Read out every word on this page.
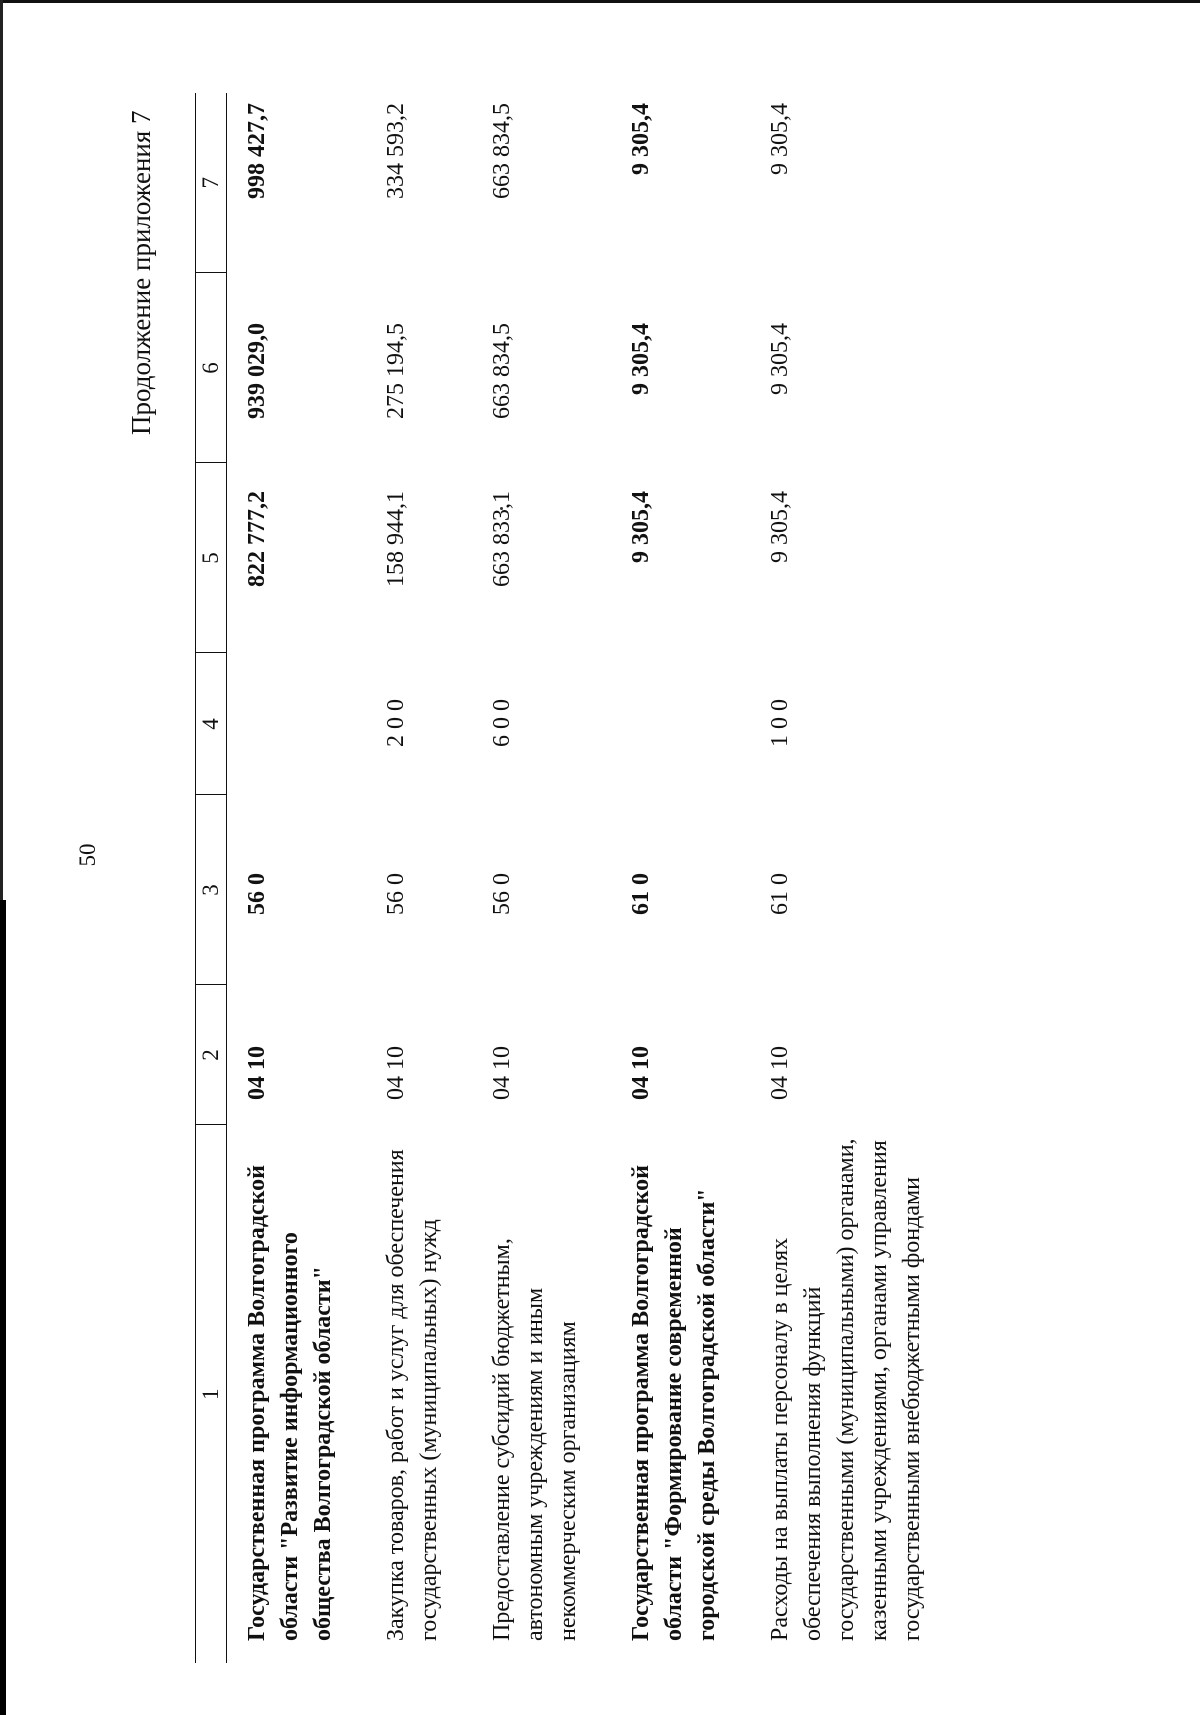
50
Продолжение приложения 7
1	2	3	4	5	6	7

Государственная программа Волгоградской области "Развитие информационного общества Волгоградской области"	04 10	56 0		822 777,2	939 029,0	998 427,7
Закупка товаров, работ и услуг для обеспечения государственных (муниципальных) нужд	04 10	56 0	2 0 0	158 944,1	275 194,5	334 593,2
Предоставление субсидий бюджетным, автономным учреждениям и иным некоммерческим организациям	04 10	56 0	6 0 0	663 833,1	663 834,5	663 834,5
Государственная программа Волгоградской области "Формирование современной городской среды Волгоградской области"	04 10	61 0		9 305,4	9 305,4	9 305,4
Расходы на выплаты персоналу в целях обеспечения выполнения функций государственными (муниципальными) органами, казенными учреждениями, органами управления государственными внебюджетными фондами	04 10	61 0	1 0 0	9 305,4	9 305,4	9 305,4
